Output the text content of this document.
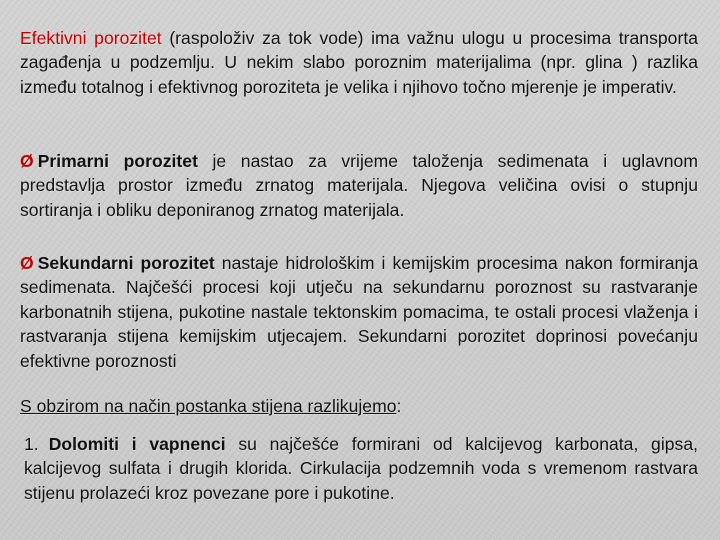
Efektivni porozitet (raspoloživ za tok vode) ima važnu ulogu u procesima transporta zagađenja u podzemlju. U nekim slabo poroznim materijalima (npr. glina ) razlika između totalnog i efektivnog poroziteta je velika i njihovo točno mjerenje je imperativ.

Ø Primarni porozitet je nastao za vrijeme taloženja sedimenata i uglavnom predstavlja prostor između zrnatog materijala. Njegova veličina ovisi o stupnju sortiranja i obliku deponiranog zrnatog materijala.

Ø Sekundarni porozitet nastaje hidrološkim i kemijskim procesima nakon formiranja sedimenata. Najčešći procesi koji utječu na sekundarnu poroznost su rastvaranje karbonatnih stijena, pukotine nastale tektonskim pomacima, te ostali procesi vlaženja i rastvaranja stijena kemijskim utjecajem. Sekundarni porozitet doprinosi povećanju efektivne poroznosti

S obzirom na način postanka stijena razlikujemo:

1. Dolomiti i vapnenci su najčešće formirani od kalcijevog karbonata, gipsa, kalcijevog sulfata i drugih klorida. Cirkulacija podzemnih voda s vremenom rastvara stijenu prolazeći kroz povezane pore i pukotine.
